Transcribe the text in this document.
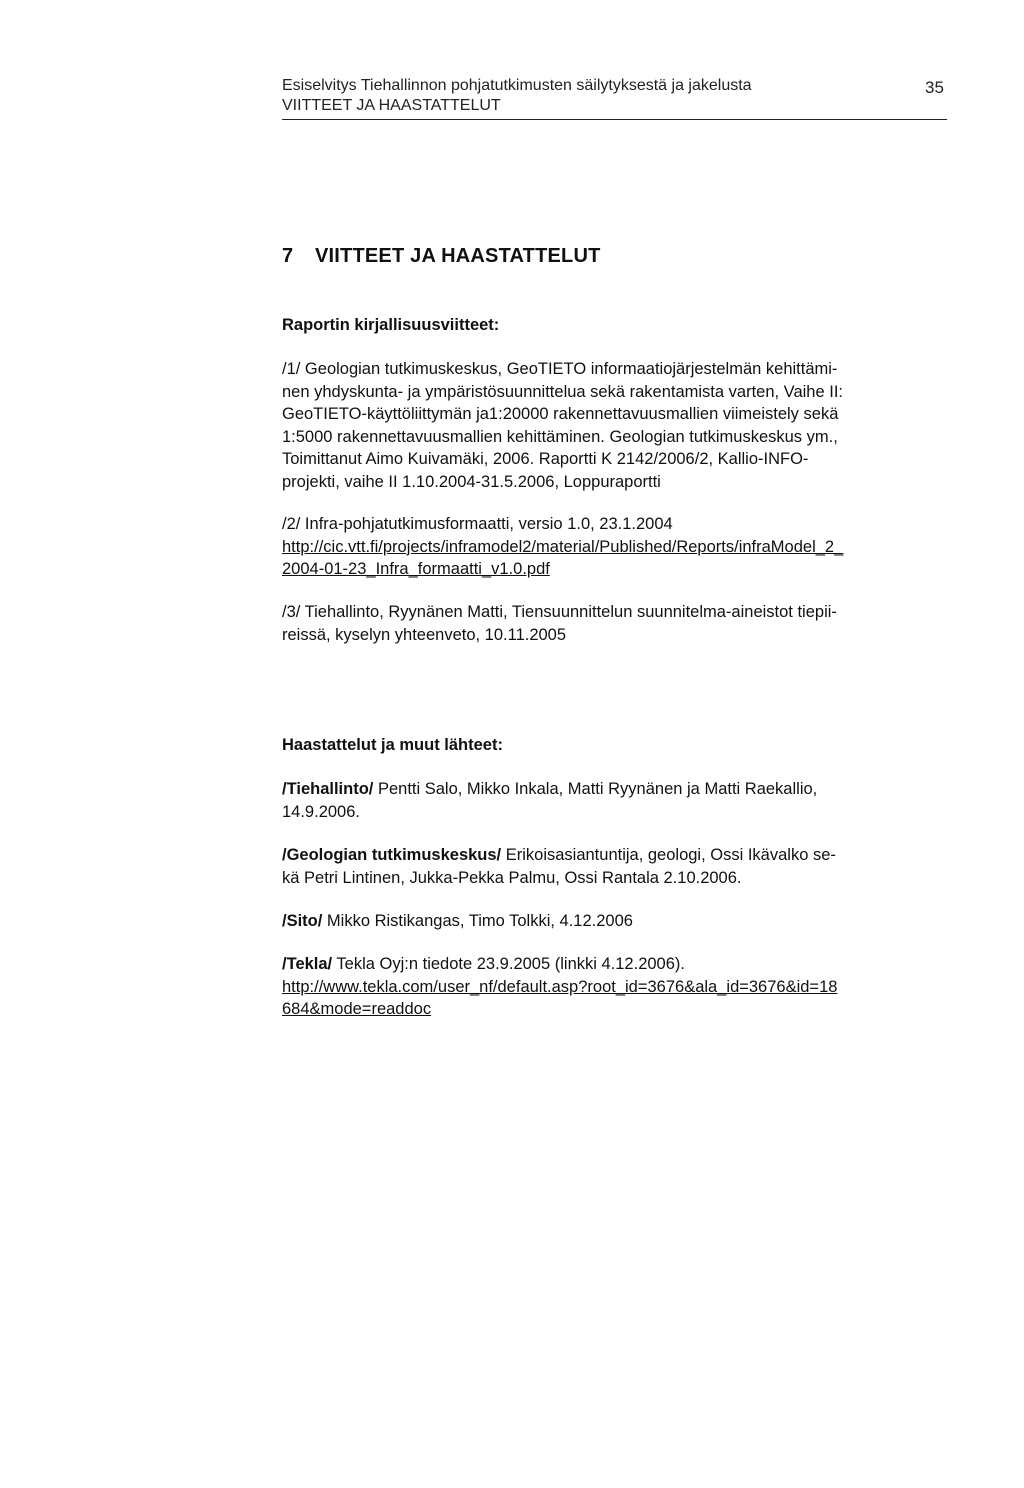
Esiselvitys Tiehallinnon pohjatutkimusten säilytyksestä ja jakelusta
VIITTEET JA HAASTATTELUT
35
7 VIITTEET JA HAASTATTELUT
Raportin kirjallisuusviitteet:
/1/ Geologian tutkimuskeskus, GeoTIETO informaatiojärjestelmän kehittämi-
nen yhdyskunta- ja ympäristösuunnittelua sekä rakentamista varten, Vaihe II:
GeoTIETO-käyttöliittymän ja1:20000 rakennettavuusmallien viimeistely sekä
1:5000 rakennettavuusmallien kehittäminen. Geologian tutkimuskeskus ym.,
Toimittanut Aimo Kuivamäki, 2006. Raportti K 2142/2006/2, Kallio-INFO-
projekti, vaihe II 1.10.2004-31.5.2006, Loppuraportti
/2/ Infra-pohjatutkimusformaatti, versio 1.0, 23.1.2004
http://cic.vtt.fi/projects/inframodel2/material/Published/Reports/infraModel_2_
2004-01-23_Infra_formaatti_v1.0.pdf
/3/ Tiehallinto, Ryynänen Matti, Tiensuunnittelun suunnitelma-aineistot tiepii-
reissä, kyselyn yhteenveto, 10.11.2005
Haastattelut ja muut lähteet:
/Tiehallinto/ Pentti Salo, Mikko Inkala, Matti Ryynänen ja Matti Raekallio,
14.9.2006.
/Geologian tutkimuskeskus/ Erikoisasiantuntija, geologi, Ossi Ikävalko se-
kä Petri Lintinen, Jukka-Pekka Palmu, Ossi Rantala 2.10.2006.
/Sito/ Mikko Ristikangas, Timo Tolkki, 4.12.2006
/Tekla/ Tekla Oyj:n tiedote 23.9.2005 (linkki 4.12.2006).
http://www.tekla.com/user_nf/default.asp?root_id=3676&ala_id=3676&id=18
684&mode=readdoc
